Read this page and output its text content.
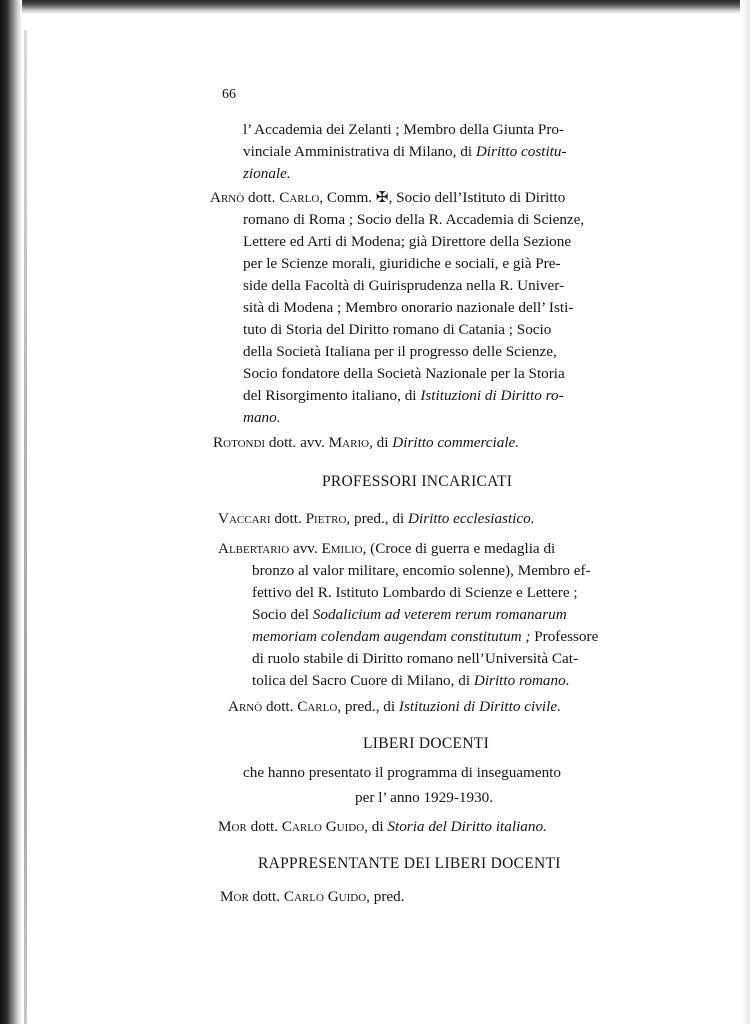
66
l’ Accademia dei Zelanti ; Membro della Giunta Pro-
vinciale Amministrativa di Milano, di Diritto costitu-
zionale.
Arnò dott. Carlo, Comm. ✠, Socio dell’Istituto di Diritto
romano di Roma ; Socio della R. Accademia di Scienze,
Lettere ed Arti di Modena; già Direttore della Sezione
per le Scienze morali, giuridiche e sociali, e già Pre-
side della Facoltà di Guirisprudenza nella R. Univer-
sità di Modena ; Membro onorario nazionale dell’ Isti-
tuto di Storia del Diritto romano di Catania ; Socio
della Società Italiana per il progresso delle Scienze,
Socio fondatore della Società Nazionale per la Storia
del Risorgimento italiano, di Istituzioni di Diritto ro-
mano.
Rotondi dott. avv. Mario, di Diritto commerciale.
PROFESSORI INCARICATI
Vaccari dott. Pietro, pred., di Diritto ecclesiastico.
Albertario avv. Emilio, (Croce di guerra e medaglia di
bronzo al valor militare, encomio solenne), Membro ef-
fettivo del R. Istituto Lombardo di Scienze e Lettere ;
Socio del Sodalicium ad veterem rerum romanarum
memoriam colendam augendam constitutum ; Professore
di ruolo stabile di Diritto romano nell’Università Cat-
tolica del Sacro Cuore di Milano, di Diritto romano.
Arnò dott. Carlo, pred., di Istituzioni di Diritto civile.
LIBERI DOCENTI
che hanno presentato il programma di inseguamento
per l’ anno 1929-1930.
Mor dott. Carlo Guido, di Storia del Diritto italiano.
RAPPRESENTANTE DEI LIBERI DOCENTI
Mor dott. Carlo Guido, pred.
